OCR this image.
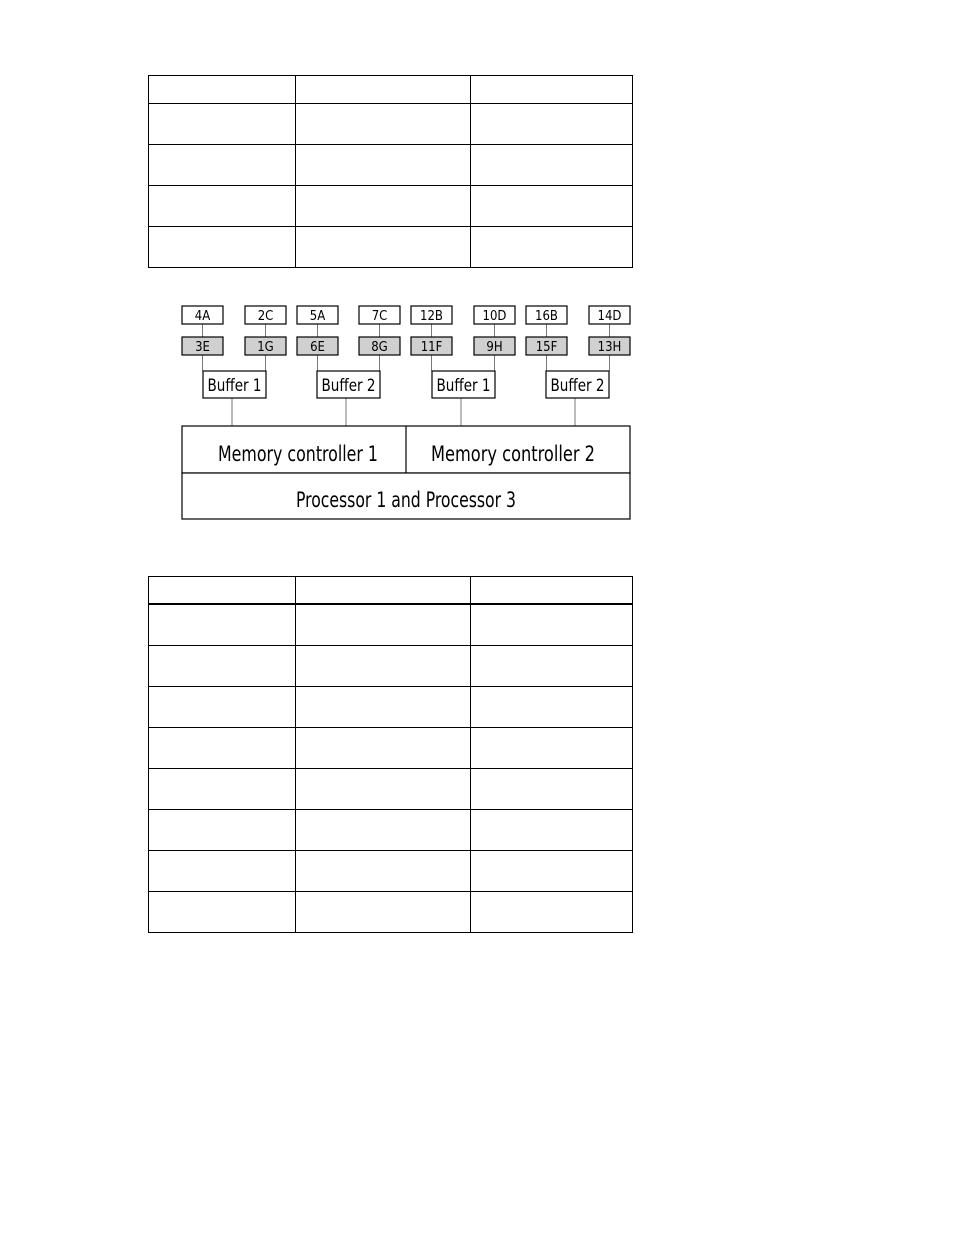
4A	2C	5A	7C	12B	10D 16B	14D
3E	1G	6E	8G	11F	9H	15F	13H
Buffer 1	Buffer 2	Buffer 1	Buffer 2
Memory controller 1	Memory controller 2
Processor 1 and Processor 3
